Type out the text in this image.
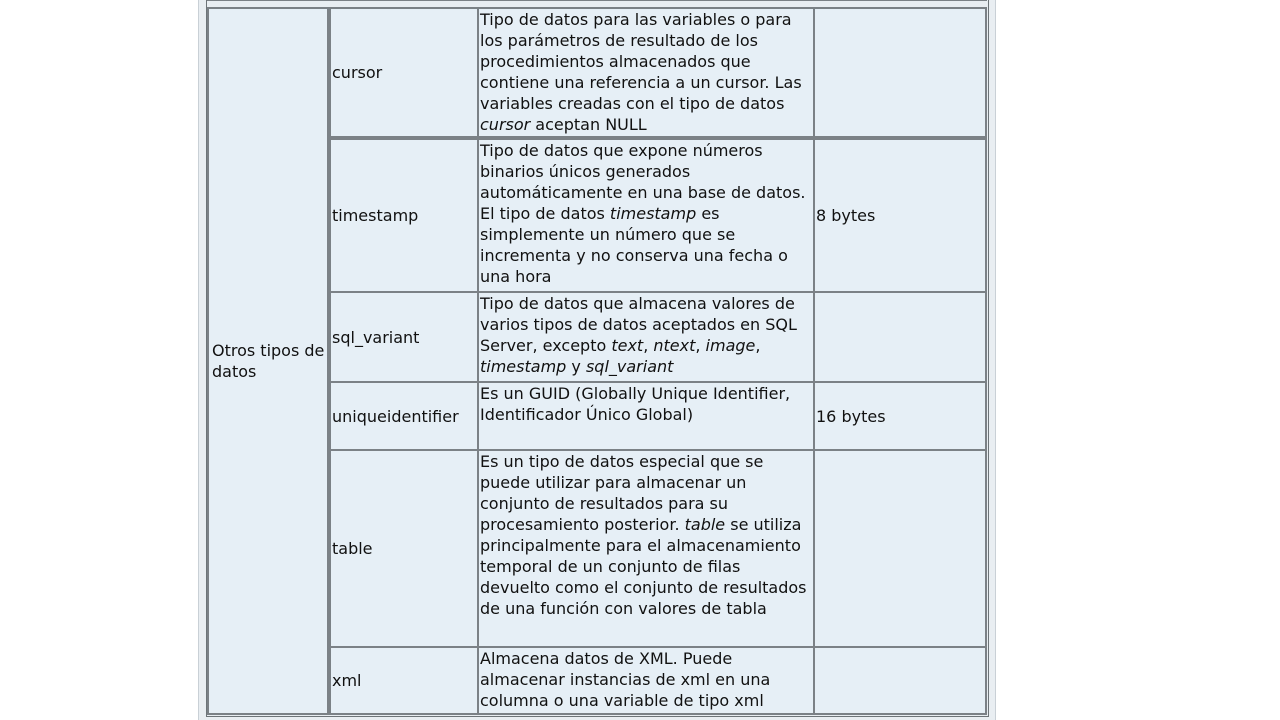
Otros tipos de datos
cursor
Tipo de datos para las variables o para los parámetros de resultado de los procedimientos almacenados que contiene una referencia a un cursor. Las variables creadas con el tipo de datos cursor aceptan NULL
timestamp
Tipo de datos que expone números binarios únicos generados automáticamente en una base de datos. El tipo de datos timestamp es simplemente un número que se incrementa y no conserva una fecha o una hora
8 bytes
sql_variant
Tipo de datos que almacena valores de varios tipos de datos aceptados en SQL Server, excepto text, ntext, image, timestamp y sql_variant
uniqueidentifier
Es un GUID (Globally Unique Identifier, Identificador Único Global)	16 bytes
table
Es un tipo de datos especial que se puede utilizar para almacenar un conjunto de resultados para su procesamiento posterior. table se utiliza principalmente para el almacenamiento temporal de un conjunto de filas devuelto como el conjunto de resultados de una función con valores de tabla
xml
Almacena datos de XML. Puede almacenar instancias de xml en una columna o una variable de tipo xml
